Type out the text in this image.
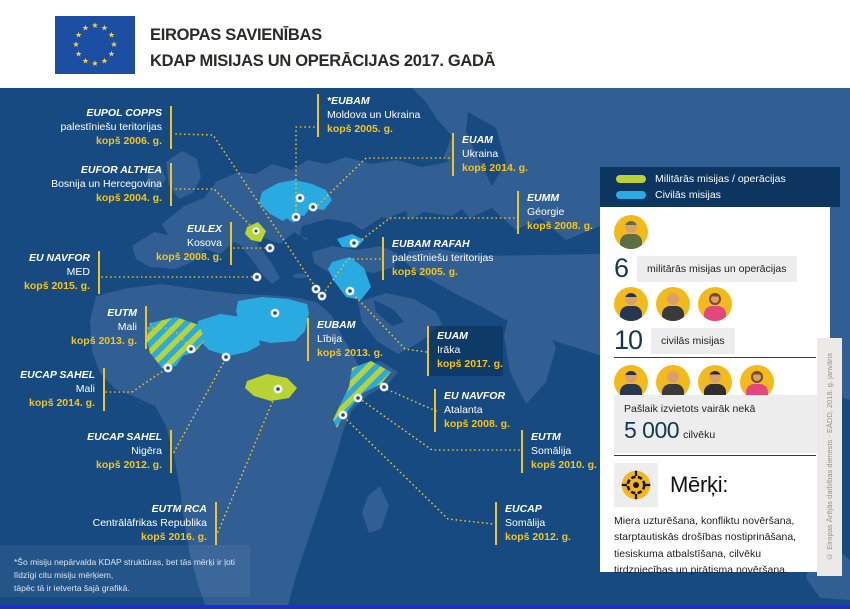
★ ★
★
★
★
★
★
★
★
★
★
★	EIROPAS SAVIENĪBAS
KDAP MISIJAS UN OPERĀCIJAS 2017. GADĀ
EUPOL COPPS
palestīniešu teritorijas
kopš 2006. g.
EUFOR ALTHEA
Bosnija un Hercegovina
kopš 2004. g.
EULEX
Kosova
kopš 2008. g.
EU NAVFOR
MED
kopš 2015. g.
EUTM
Mali
kopš 2013. g.
EUCAP SAHEL
Mali
kopš 2014. g.
EUCAP SAHEL
Nigēra
kopš 2012. g.
EUTM RCA
Centrālāfrikas Republika
kopš 2016. g.
*EUBAM
Moldova un Ukraina
kopš 2005. g.
EUAM
Ukraina
kopš 2014. g.
EUMM
Géorgie
kopš 2008. g.
EUBAM RAFAH
palestīniešu teritorijas
kopš 2005. g.
EUBAM
Lībija
kopš 2013. g.
EUAM
Irāka
kopš 2017. g.
EU NAVFOR
Atalanta
kopš 2008. g.
EUTM
Somālija
kopš 2010. g.
EUCAP
Somālija
kopš 2012. g.
Militārās misijas / operācijas
Civilās misijas
6	militārās misijas un operācijas
10	civilās misijas
Pašlaik izvietots vairāk nekā
5 000 cilvēku
Mērķi:
Miera uzturēšana, konfliktu novēršana, starptautiskās drošības nostiprināšana, tiesiskuma atbalstīšana, cilvēku tirdzniecības un pirātisma novēršana.
© Eiropas Ārējās darbības dienests - EĀDD, 2018. g. janvāris
*Šo misiju nepārvalda KDAP struktūras, bet tās mērķi ir ļoti līdzīgi citu misiju mērķiem,
tāpēc tā ir ietverta šajā grafikā.
